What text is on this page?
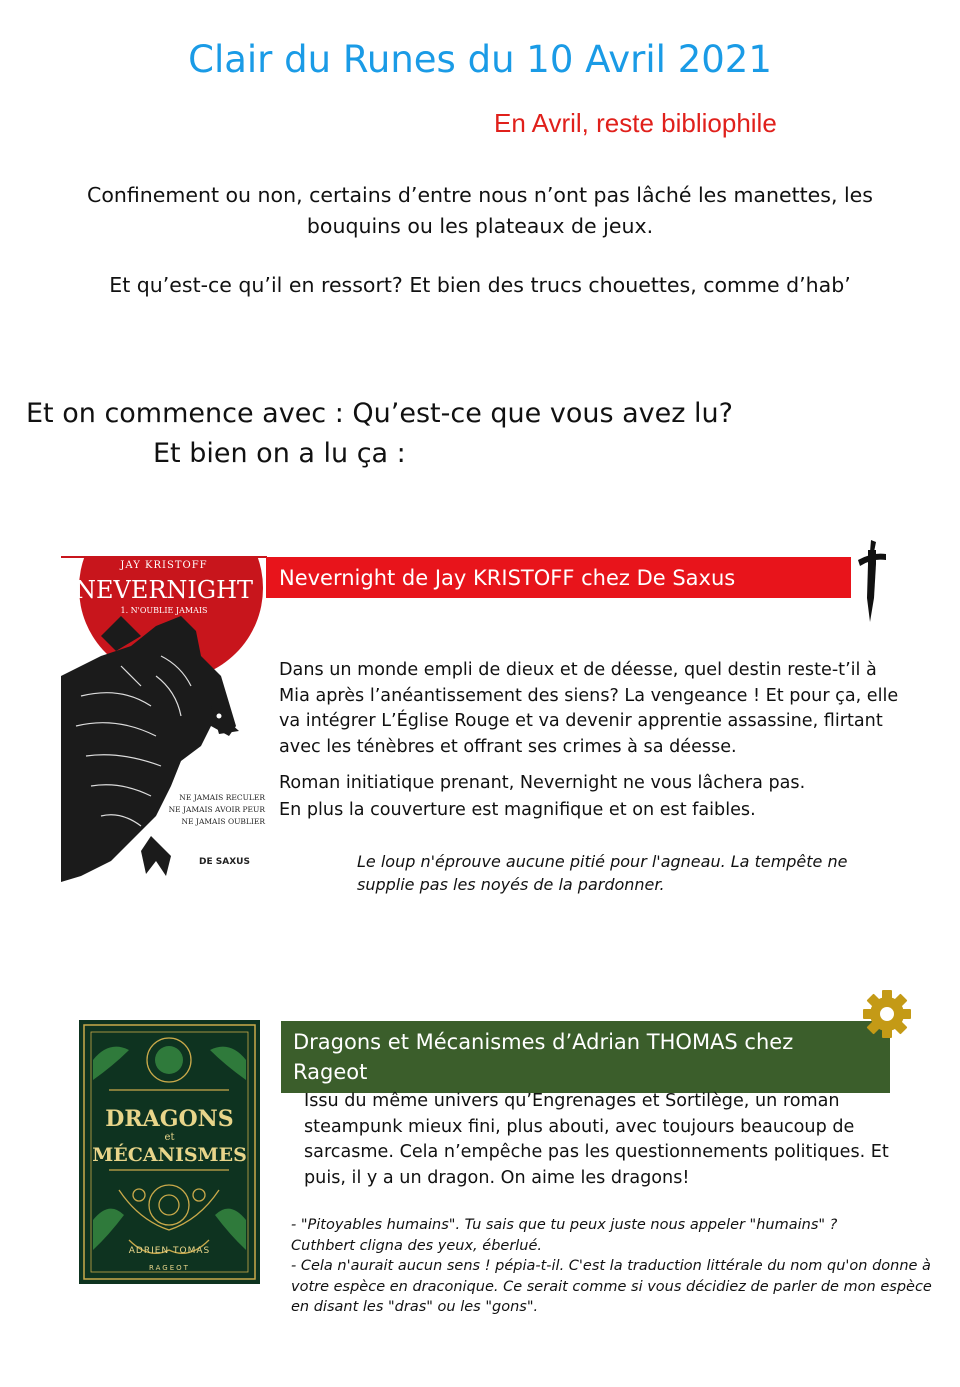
Clair du Runes du 10 Avril 2021
En Avril, reste bibliophile
Confinement ou non, certains d’entre nous n’ont pas lâché les manettes, les bouquins ou les plateaux de jeux.
Et qu’est-ce qu’il en ressort? Et bien des trucs chouettes, comme d’hab’
Et on commence avec : Qu’est-ce que vous avez lu?
Et bien on a lu ça :
JAY KRISTOFF
NEVERNIGHT
1. N'OUBLIE JAMAIS
NE JAMAIS RECULER
NE JAMAIS AVOIR PEUR
NE JAMAIS OUBLIER
DE SAXUS
Nevernight de Jay KRISTOFF chez De Saxus
Dans un monde empli de dieux et de déesse, quel destin reste-t’il à Mia après l’anéantissement des siens? La vengeance ! Et pour ça, elle va intégrer L’Église Rouge et va devenir apprentie assassine, flirtant avec les ténèbres et offrant ses crimes à sa déesse.
Roman initiatique prenant, Nevernight ne vous lâchera pas.
En plus la couverture est magnifique et on est faibles.
Le loup n'éprouve aucune pitié pour l'agneau. La tempête ne supplie pas les noyés de la pardonner.
DRAGONS
et
MÉCANISMES
ADRIEN TOMAS
RAGEOT
Dragons et Mécanismes d’Adrian THOMAS chez Rageot
Issu du même univers qu’Engrenages et Sortilège, un roman steampunk mieux fini, plus abouti, avec toujours beaucoup de sarcasme. Cela n’empêche pas les questionnements politiques. Et puis, il y a un dragon. On aime les dragons!
- "Pitoyables humains". Tu sais que tu peux juste nous appeler "humains" ?
Cuthbert cligna des yeux, éberlué.
- Cela n'aurait aucun sens ! pépia-t-il. C'est la traduction littérale du nom qu'on donne à votre espèce en draconique. Ce serait comme si vous décidiez de parler de mon espèce en disant les "dras" ou les "gons".
